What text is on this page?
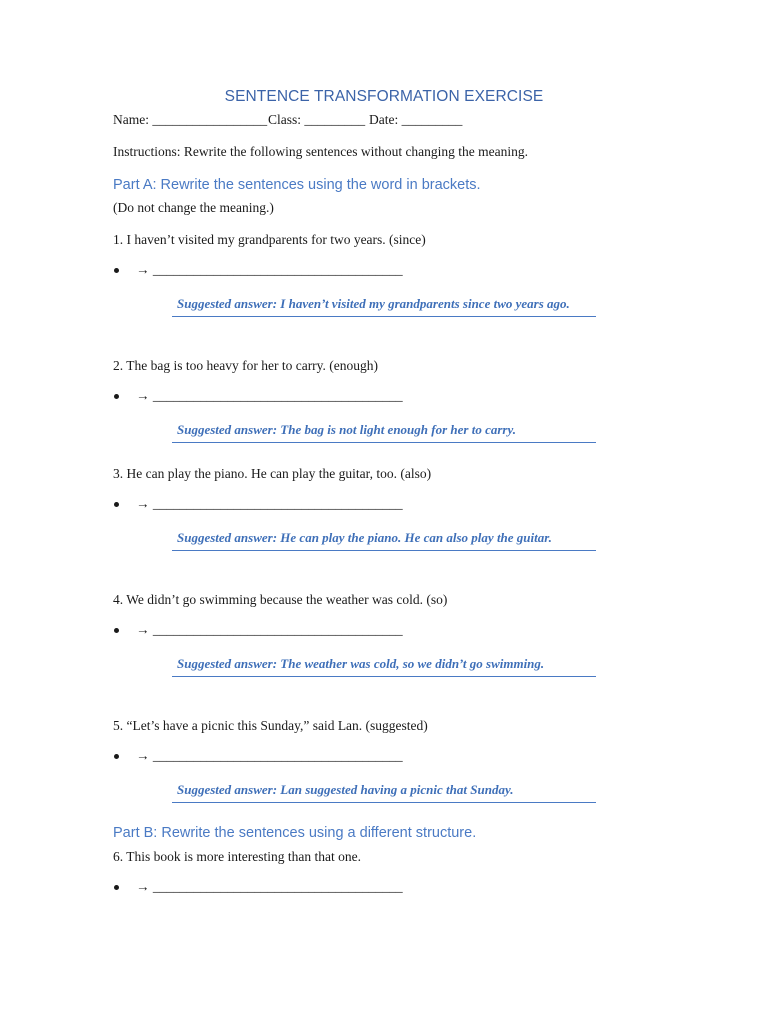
SENTENCE TRANSFORMATION EXERCISE
Name: _________________ Class: _________ Date: _________
Instructions: Rewrite the following sentences without changing the meaning.
Part A: Rewrite the sentences using the word in brackets.
(Do not change the meaning.)
1. I haven’t visited my grandparents for two years. (since)
→ _____________________________________
Suggested answer: I haven’t visited my grandparents since two years ago.
2. The bag is too heavy for her to carry. (enough)
→ _____________________________________
Suggested answer: The bag is not light enough for her to carry.
3. He can play the piano. He can play the guitar, too. (also)
→ _____________________________________
Suggested answer: He can play the piano. He can also play the guitar.
4. We didn’t go swimming because the weather was cold. (so)
→ _____________________________________
Suggested answer: The weather was cold, so we didn’t go swimming.
5. “Let’s have a picnic this Sunday,” said Lan. (suggested)
→ _____________________________________
Suggested answer: Lan suggested having a picnic that Sunday.
Part B: Rewrite the sentences using a different structure.
6. This book is more interesting than that one.
→ _____________________________________
